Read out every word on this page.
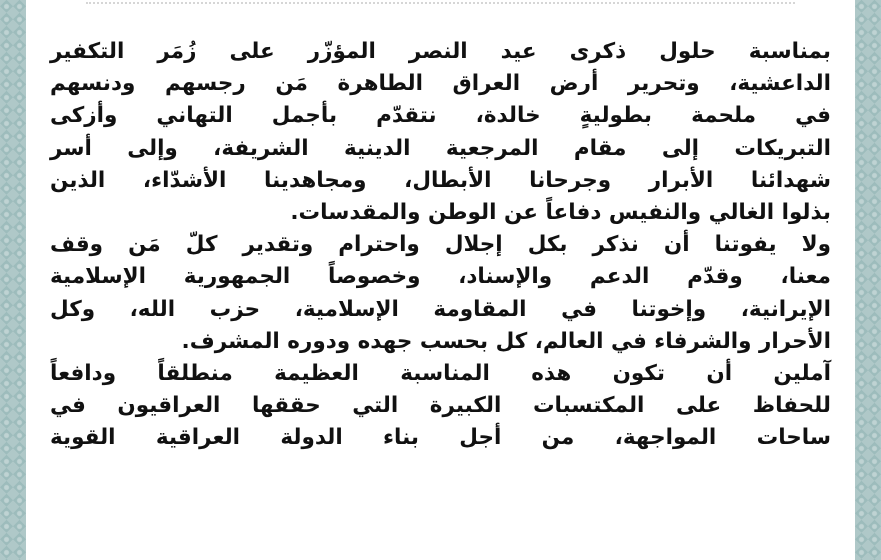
بمناسبة حلول ذكرى عيد النصر المؤزّر على زُمَر التكفير
الداعشية، وتحرير أرض العراق الطاهرة مَن رجسهم ودنسهم
في ملحمة بطوليةٍ خالدة، نتقدّم بأجمل التهاني وأزكى
التبريكات إلى مقام المرجعية الدينية الشريفة، وإلى أسر
شهدائنا الأبرار وجرحانا الأبطال، ومجاهدينا الأشدّاء، الذين
بذلوا الغالي والنفيس دفاعاً عن الوطن والمقدسات.
ولا يفوتنا أن نذكر بكل إجلال واحترام وتقدير كلّ مَن وقف
معنا، وقدّم الدعم والإسناد، وخصوصاً الجمهورية الإسلامية
الإيرانية، وإخوتنا في المقاومة الإسلامية، حزب الله، وكل
الأحرار والشرفاء في العالم، كل بحسب جهده ودوره المشرف.
آملين أن تكون هذه المناسبة العظيمة منطلقاً ودافعاً
للحفاظ على المكتسبات الكبيرة التي حققها العراقيون في
ساحات المواجهة، من أجل بناء الدولة العراقية القوية
